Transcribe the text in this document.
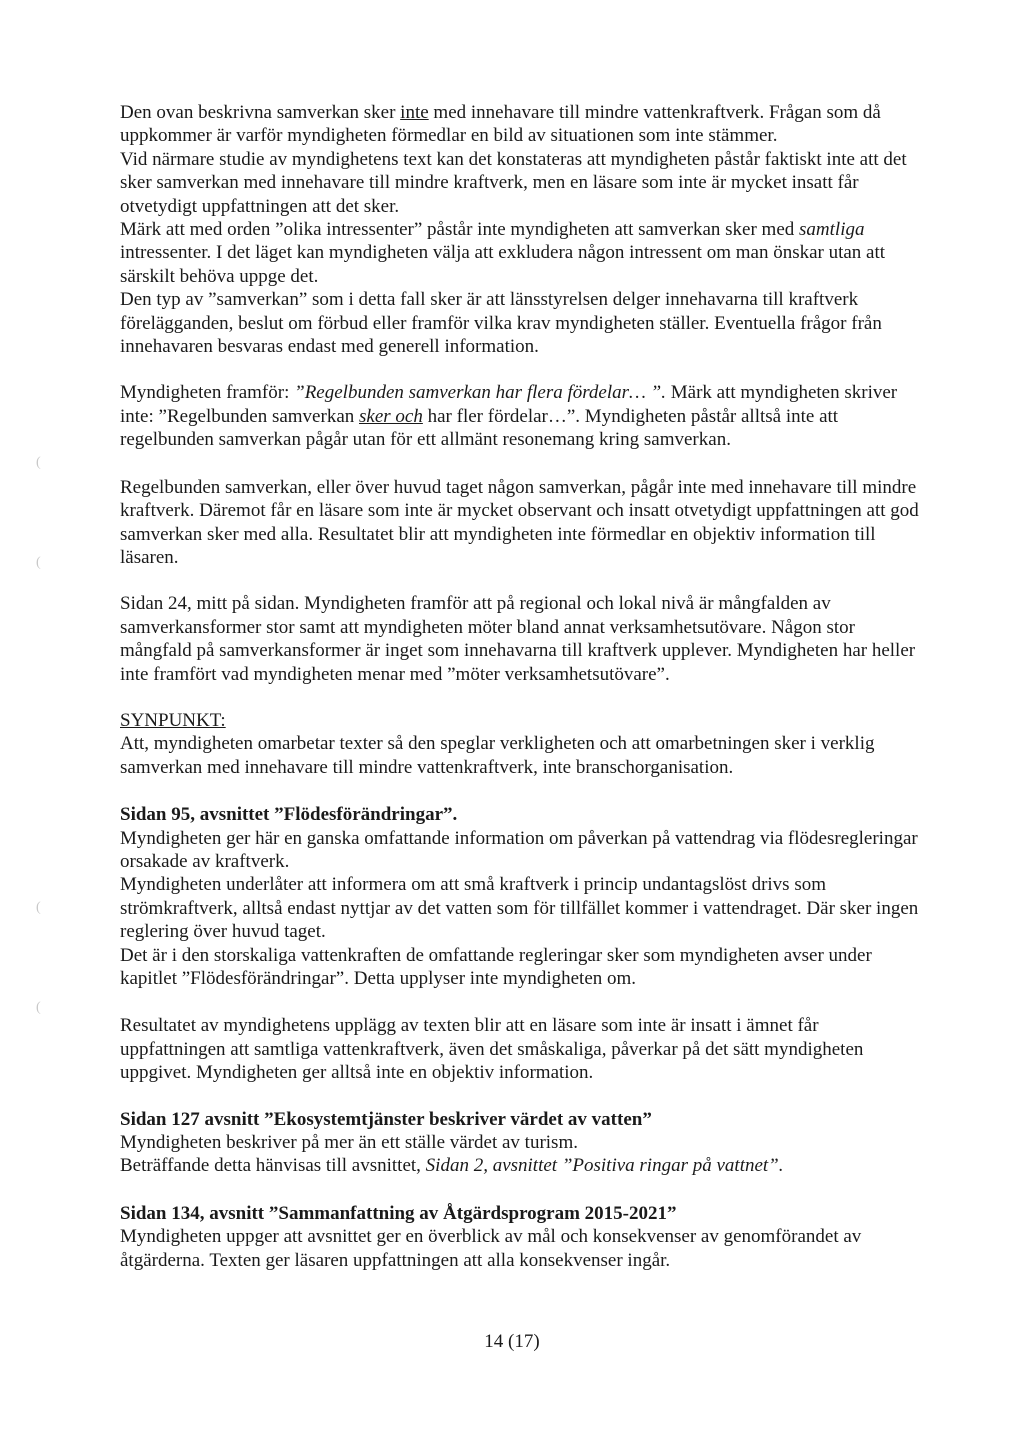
(
(
(
(

Den ovan beskrivna samverkan sker inte med innehavare till mindre vattenkraftverk. Frågan som då uppkommer är varför myndigheten förmedlar en bild av situationen som inte stämmer.

Vid närmare studie av myndighetens text kan det konstateras att myndigheten påstår faktiskt inte att det sker samverkan med innehavare till mindre kraftverk, men en läsare som inte är mycket insatt får otvetydigt uppfattningen att det sker.

Märk att med orden ”olika intressenter” påstår inte myndigheten att samverkan sker med samtliga intressenter. I det läget kan myndigheten välja att exkludera någon intressent om man önskar utan att särskilt behöva uppge det.

Den typ av ”samverkan” som i detta fall sker är att länsstyrelsen delger innehavarna till kraftverk förelägganden, beslut om förbud eller framför vilka krav myndigheten ställer. Eventuella frågor från innehavaren besvaras endast med generell information.

Myndigheten framför: ”Regelbunden samverkan har flera fördelar… ”. Märk att myndigheten skriver inte: ”Regelbunden samverkan sker och har fler fördelar…”. Myndigheten påstår alltså inte att regelbunden samverkan pågår utan för ett allmänt resonemang kring samverkan.

Regelbunden samverkan, eller över huvud taget någon samverkan, pågår inte med innehavare till mindre kraftverk. Däremot får en läsare som inte är mycket observant och insatt otvetydigt uppfattningen att god samverkan sker med alla. Resultatet blir att myndigheten inte förmedlar en objektiv information till läsaren.

Sidan 24, mitt på sidan. Myndigheten framför att på regional och lokal nivå är mångfalden av samverkansformer stor samt att myndigheten möter bland annat verksamhetsutövare. Någon stor mångfald på samverkansformer är inget som innehavarna till kraftverk upplever. Myndigheten har heller inte framfört vad myndigheten menar med ”möter verksamhetsutövare”.

SYNPUNKT:

Att, myndigheten omarbetar texter så den speglar verkligheten och att omarbetningen sker i verklig samverkan med innehavare till mindre vattenkraftverk, inte branschorganisation.

Sidan 95, avsnittet ”Flödesförändringar”.

Myndigheten ger här en ganska omfattande information om påverkan på vattendrag via flödesregleringar orsakade av kraftverk.

Myndigheten underlåter att informera om att små kraftverk i princip undantagslöst drivs som strömkraftverk, alltså endast nyttjar av det vatten som för tillfället kommer i vattendraget. Där sker ingen reglering över huvud taget.

Det är i den storskaliga vattenkraften de omfattande regleringar sker som myndigheten avser under kapitlet ”Flödesförändringar”. Detta upplyser inte myndigheten om.

Resultatet av myndighetens upplägg av texten blir att en läsare som inte är insatt i ämnet får uppfattningen att samtliga vattenkraftverk, även det småskaliga, påverkar på det sätt myndigheten uppgivet. Myndigheten ger alltså inte en objektiv information.

Sidan 127 avsnitt ”Ekosystemtjänster beskriver värdet av vatten”

Myndigheten beskriver på mer än ett ställe värdet av turism.

Beträffande detta hänvisas till avsnittet, Sidan 2, avsnittet ”Positiva ringar på vattnet”.

Sidan 134, avsnitt ”Sammanfattning av Åtgärdsprogram 2015-2021”

Myndigheten uppger att avsnittet ger en överblick av mål och konsekvenser av genomförandet av åtgärderna. Texten ger läsaren uppfattningen att alla konsekvenser ingår.

14 (17)
